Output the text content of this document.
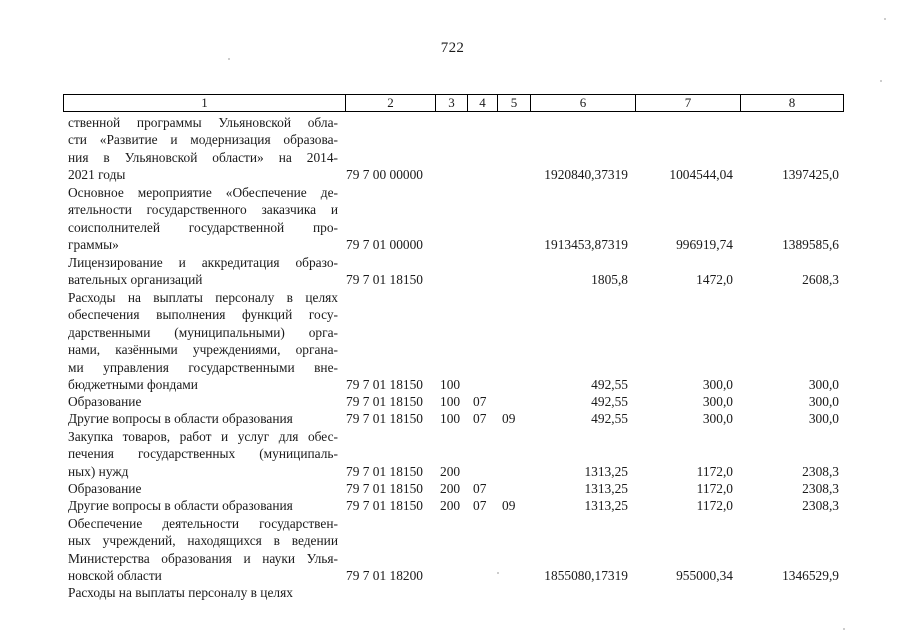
722
1	2	3	4	5	6	7	8
ственной программы Ульяновской обла-
сти «Развитие и модернизация образова-
ния в Ульяновской области» на 2014-
2021 годы	79 7 00 00000	1920840,37319	1004544,04	1397425,0
Основное мероприятие «Обеспечение де-
ятельности государственного заказчика и
соисполнителей государственной про-
граммы»	79 7 01 00000	1913453,87319	996919,74	1389585,6
Лицензирование и аккредитация образо-
вательных организаций	79 7 01 18150	1805,8	1472,0	2608,3
Расходы на выплаты персоналу в целях
обеспечения выполнения функций госу-
дарственными (муниципальными) орга-
нами, казёнными учреждениями, органа-
ми управления государственными вне-
бюджетными фондами	79 7 01 18150 100	492,55	300,0	300,0
Образование	79 7 01 18150 100 07	492,55	300,0	300,0
Другие вопросы в области образования	79 7 01 18150 100 07 09	492,55	300,0	300,0
Закупка товаров, работ и услуг для обес-
печения государственных (муниципаль-
ных) нужд	79 7 01 18150 200	1313,25	1172,0	2308,3
Образование	79 7 01 18150 200 07	1313,25	1172,0	2308,3
Другие вопросы в области образования	79 7 01 18150 200 07 09	1313,25	1172,0	2308,3
Обеспечение деятельности государствен-
ных учреждений, находящихся в ведении
Министерства образования и науки Улья-
новской области	79 7 01 18200	1855080,17319	955000,34	1346529,9
Расходы на выплаты персоналу в целях
